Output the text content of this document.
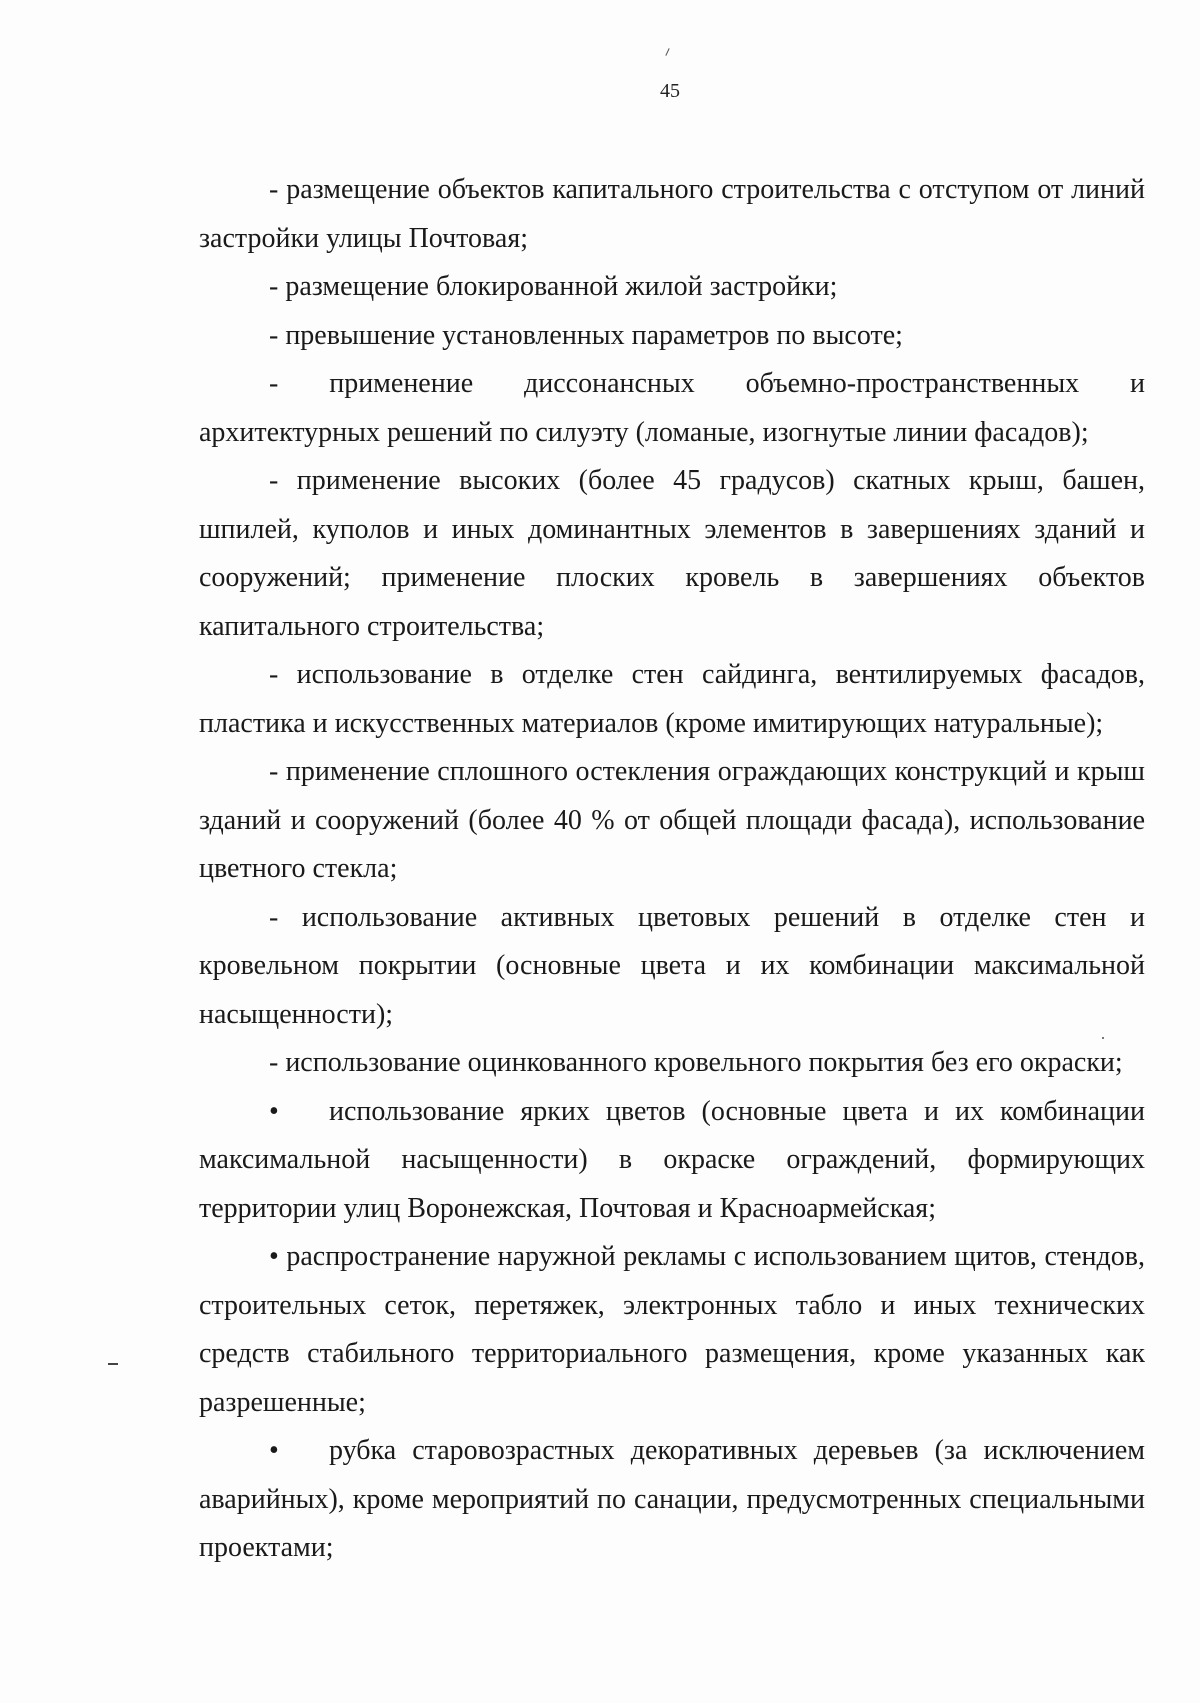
45

- размещение объектов капитального строительства с отступом от линий застройки улицы Почтовая;

- размещение блокированной жилой застройки;

- превышение установленных параметров по высоте;

- применение диссонансных объемно-пространственных и архитектурных решений по силуэту (ломаные, изогнутые линии фасадов);

- применение высоких (более 45 градусов) скатных крыш, башен, шпилей, куполов и иных доминантных элементов в завершениях зданий и сооружений; применение плоских кровель в завершениях объектов капитального строительства;

- использование в отделке стен сайдинга, вентилируемых фасадов, пластика и искусственных материалов (кроме имитирующих натуральные);

- применение сплошного остекления ограждающих конструкций и крыш зданий и сооружений (более 40 % от общей площади фасада), использование цветного стекла;

- использование активных цветовых решений в отделке стен и кровельном покрытии (основные цвета и их комбинации максимальной насыщенности);

- использование оцинкованного кровельного покрытия без его окраски;

• использование ярких цветов (основные цвета и их комбинации максимальной насыщенности) в окраске ограждений, формирующих территории улиц Воронежская, Почтовая и Красноармейская;

• распространение наружной рекламы с использованием щитов, стендов, строительных сеток, перетяжек, электронных табло и иных технических средств стабильного территориального размещения, кроме указанных как разрешенные;

• рубка старовозрастных декоративных деревьев (за исключением аварийных), кроме мероприятий по санации, предусмотренных специальными проектами;
